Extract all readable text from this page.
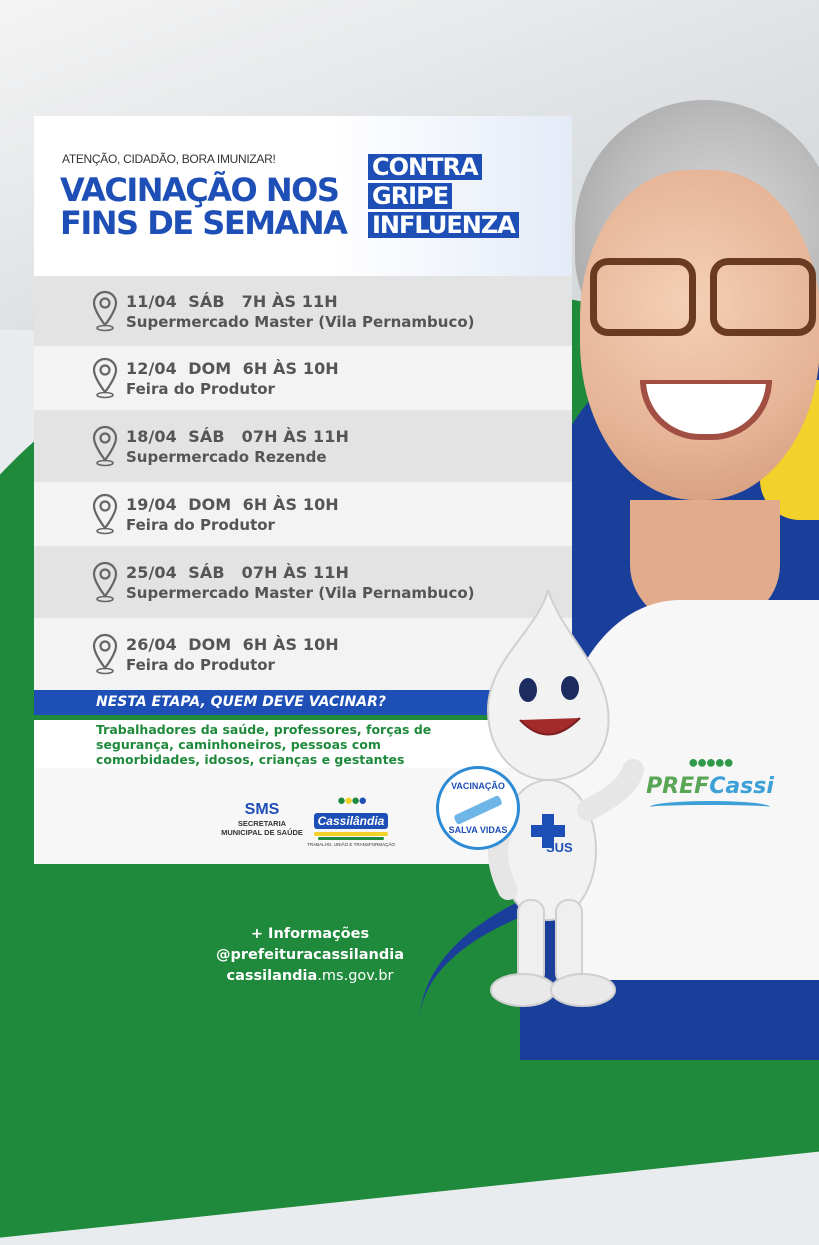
●●●●●
PREFCassi
ATENÇÃO, CIDADÃO, BORA IMUNIZAR!
VACINAÇÃO NOS
FINS DE SEMANA
CONTRA
GRIPE
INFLUENZA
11/04  SÁB   7H ÀS 11H
Supermercado Master (Vila Pernambuco)
12/04  DOM  6H ÀS 10H
Feira do Produtor
18/04  SÁB   07H ÀS 11H
Supermercado Rezende
19/04  DOM  6H ÀS 10H
Feira do Produtor
25/04  SÁB   07H ÀS 11H
Supermercado Master (Vila Pernambuco)
26/04  DOM  6H ÀS 10H
Feira do Produtor
NESTA ETAPA, QUEM DEVE VACINAR?
Trabalhadores da saúde, professores, forças de segurança, caminhoneiros, pessoas com comorbidades, idosos, crianças e gestantes
SMS
SECRETARIA
MUNICIPAL DE SAÚDE
●●●●
Cassilândia
TRABALHO, UNIÃO E TRANSFORMAÇÃO	SUS
VACINAÇÃO
SALVA VIDAS
+ Informações
@prefeituracassilandia
cassilandia.ms.gov.br
